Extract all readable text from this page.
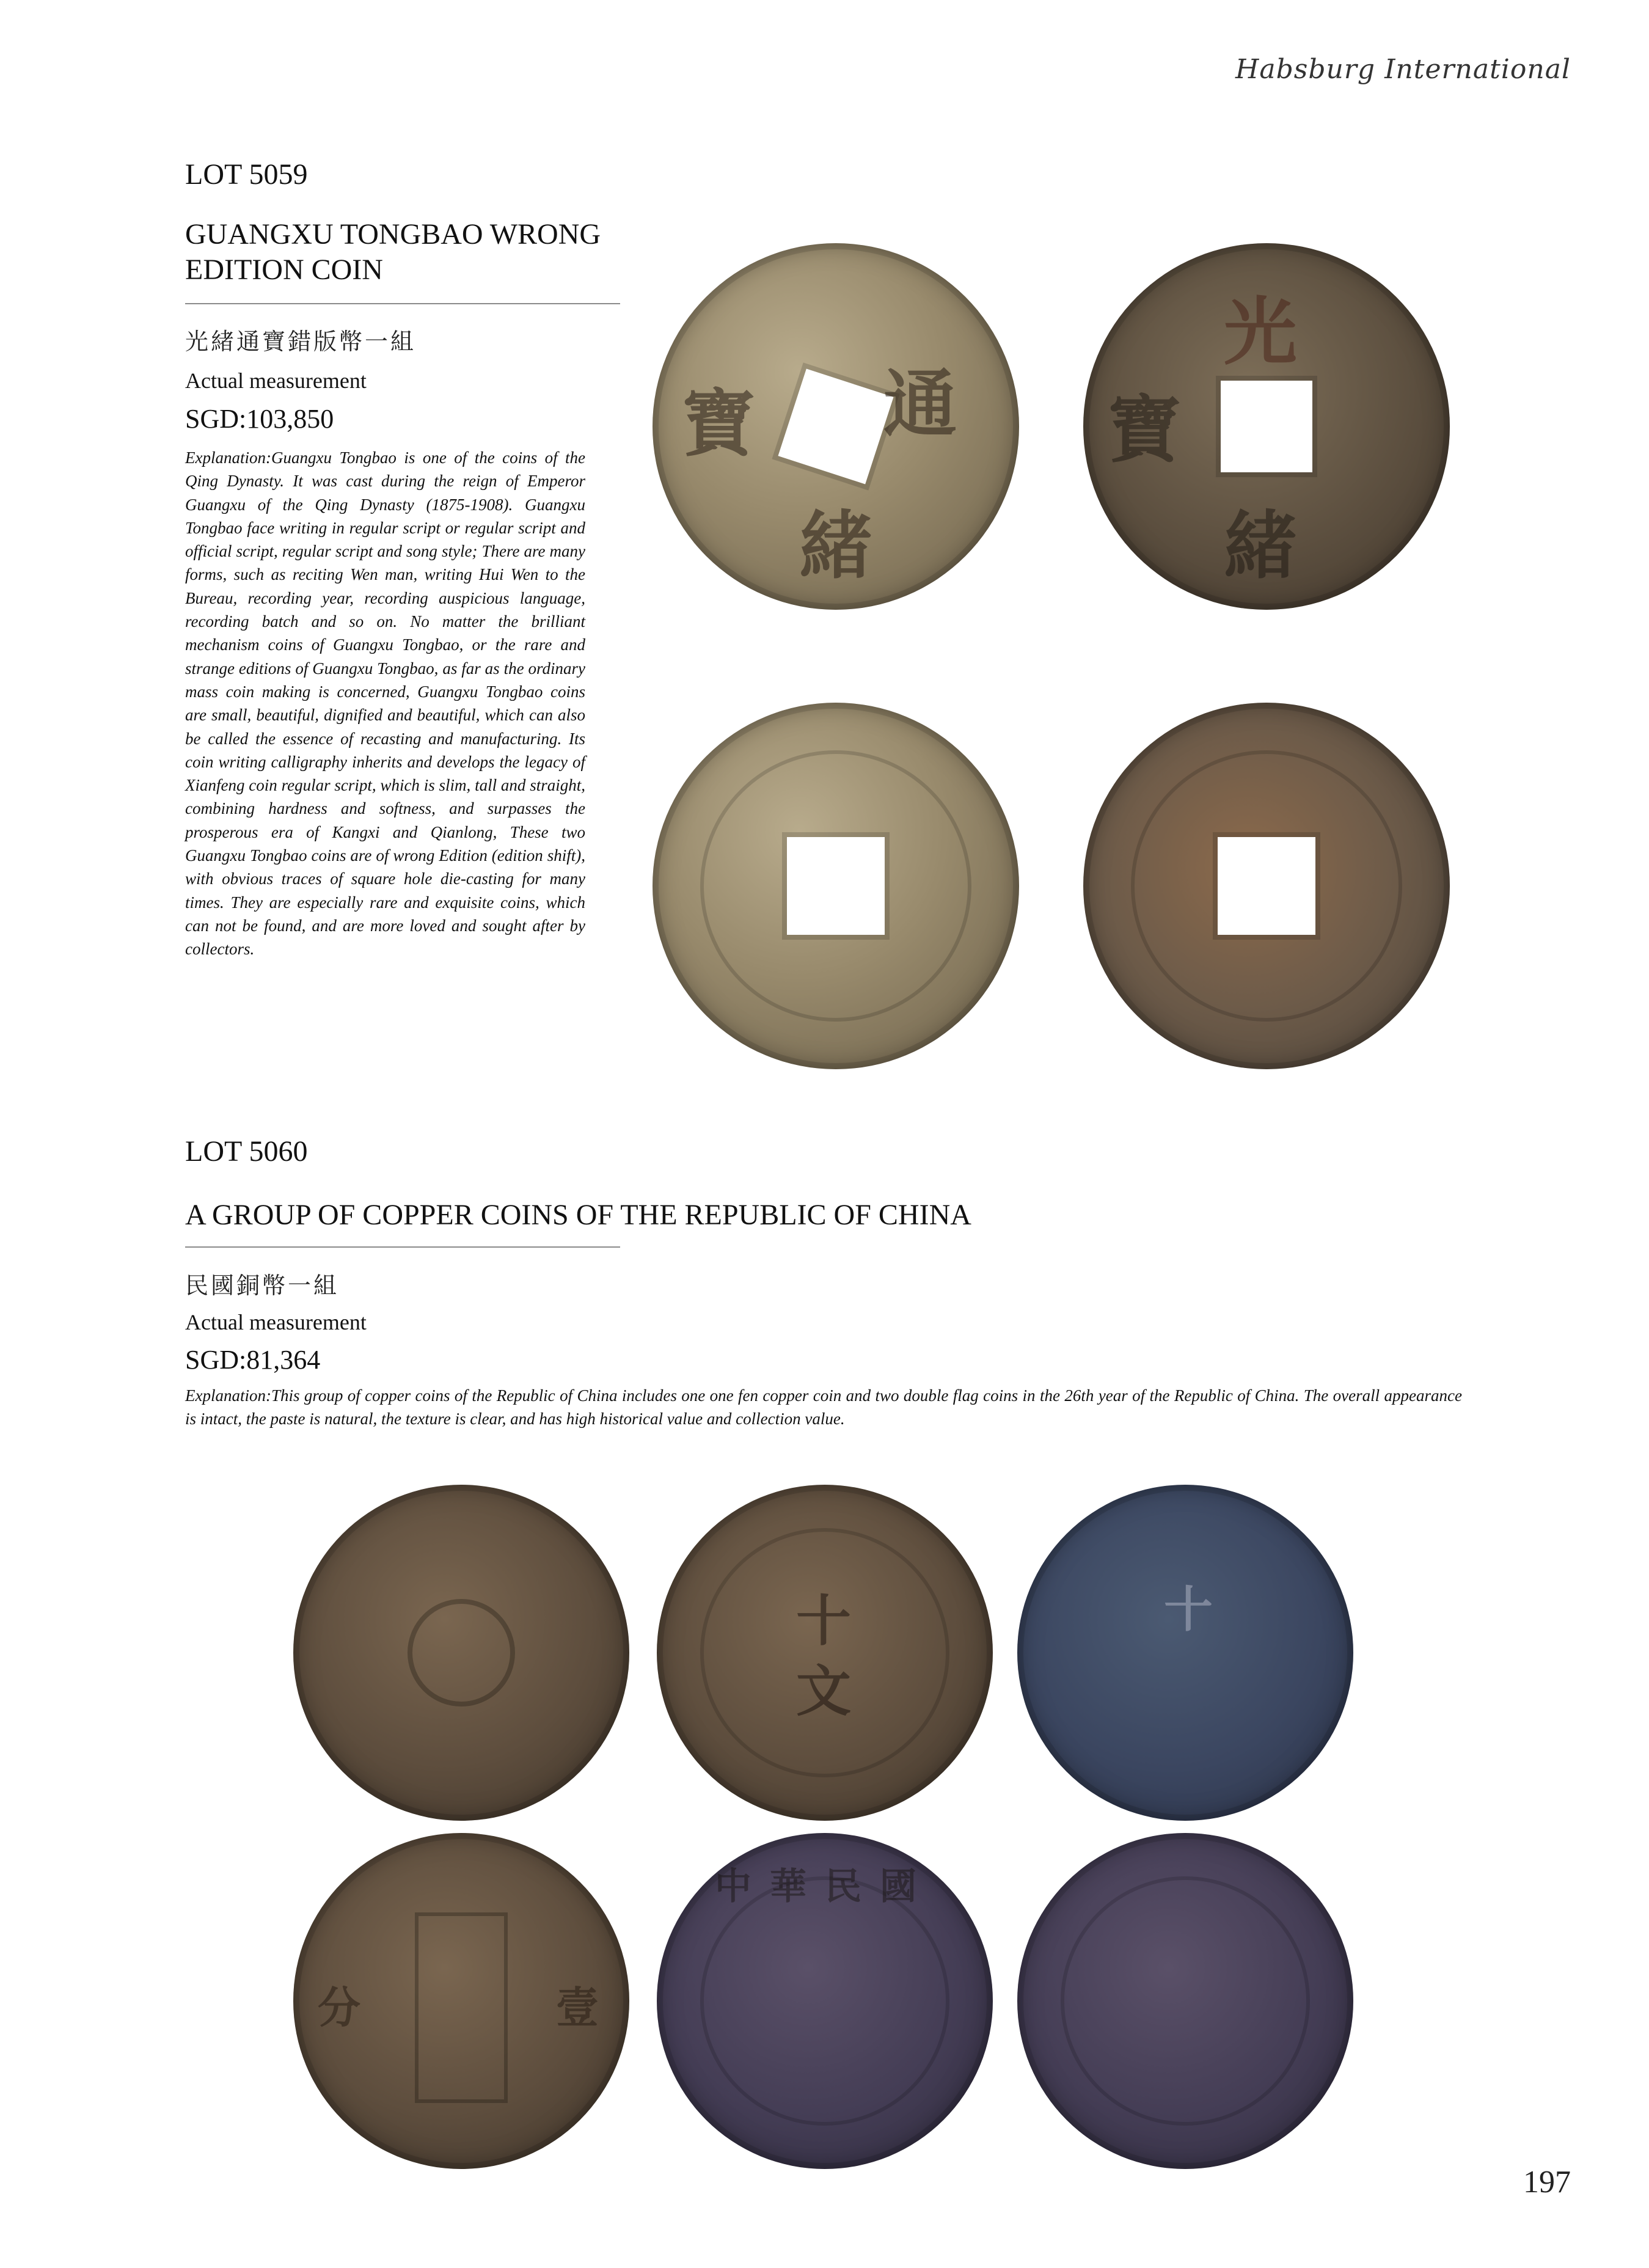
Habsburg International
LOT 5059
GUANGXU TONGBAO WRONG
EDITION COIN
光緒通寶錯版幣一組
Actual measurement
SGD:103,850
Explanation:Guangxu Tongbao is one of the coins of the Qing Dynasty. It was cast during the reign of Emperor Guangxu of the Qing Dynasty (1875-1908). Guangxu Tongbao face writing in regular script or regular script and official script, regular script and song style; There are many forms, such as reciting Wen man, writing Hui Wen to the Bureau, recording year, recording auspicious language, recording batch and so on. No matter the brilliant mechanism coins of Guangxu Tongbao, or the rare and strange editions of Guangxu Tongbao, as far as the ordinary mass coin making is concerned, Guangxu Tongbao coins are small, beautiful, dignified and beautiful, which can also be called the essence of recasting and manufacturing. Its coin writing calligraphy inherits and develops the legacy of Xianfeng coin regular script, which is slim, tall and straight, combining hardness and softness, and surpasses the prosperous era of Kangxi and Qianlong, These two Guangxu Tongbao coins are of wrong Edition (edition shift), with obvious traces of square hole die-casting for many times. They are especially rare and exquisite coins, which can not be found, and are more loved and sought after by collectors.
通
寶
緒
光
寶
緒
LOT 5060
A GROUP OF COPPER COINS OF THE REPUBLIC OF CHINA
民國銅幣一組
Actual measurement
SGD:81,364
Explanation:This group of copper coins of the Republic of China includes one one fen copper coin and two double flag coins in the 26th year of the Republic of China. The overall appearance is intact, the paste is natural, the texture is clear, and has high historical value and collection value.
十
文
十
分	壹
中華民國
197
